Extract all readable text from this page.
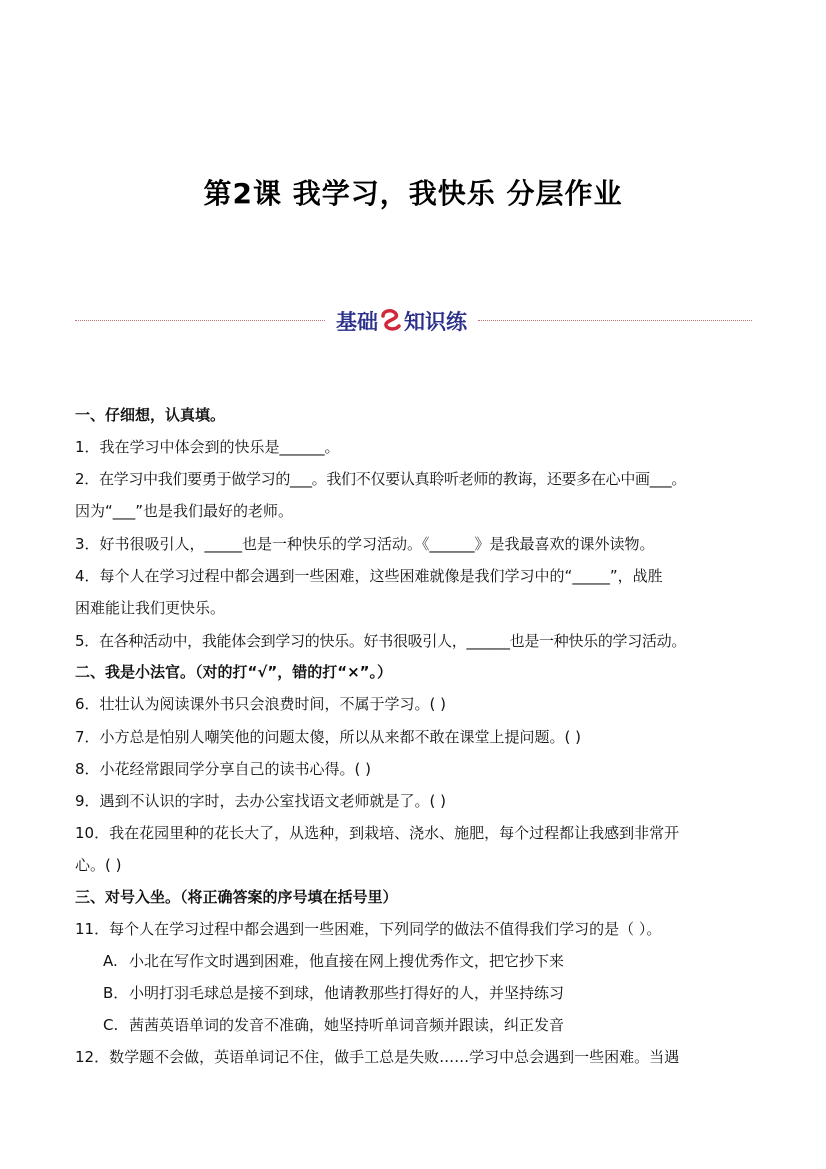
第2课 我学习，我快乐 分层作业
基础 知识练
一、仔细想，认真填。
1．我在学习中体会到的快乐是______。
2．在学习中我们要勇于做学习的___。我们不仅要认真聆听老师的教诲，还要多在心中画___。
因为“___”也是我们最好的老师。
3．好书很吸引人，_____也是一种快乐的学习活动。《______》是我最喜欢的课外读物。
4．每个人在学习过程中都会遇到一些困难，这些困难就像是我们学习中的“_____”，战胜
困难能让我们更快乐。
5．在各种活动中，我能体会到学习的快乐。好书很吸引人，______也是一种快乐的学习活动。
二、我是小法官。（对的打“√”，错的打“×”。）
6．壮壮认为阅读课外书只会浪费时间，不属于学习。( )
7．小方总是怕别人嘲笑他的问题太傻，所以从来都不敢在课堂上提问题。( )
8．小花经常跟同学分享自己的读书心得。( )
9．遇到不认识的字时，去办公室找语文老师就是了。( )
10．我在花园里种的花长大了，从选种，到栽培、浇水、施肥，每个过程都让我感到非常开
心。( )
三、对号入坐。（将正确答案的序号填在括号里）
11．每个人在学习过程中都会遇到一些困难，下列同学的做法不值得我们学习的是（ ）。
A. 小北在写作文时遇到困难，他直接在网上搜优秀作文，把它抄下来
B．小明打羽毛球总是接不到球，他请教那些打得好的人，并坚持练习
C. 茜茜英语单词的发音不准确，她坚持听单词音频并跟读，纠正发音
12．数学题不会做，英语单词记不住，做手工总是失败……学习中总会遇到一些困难。当遇
